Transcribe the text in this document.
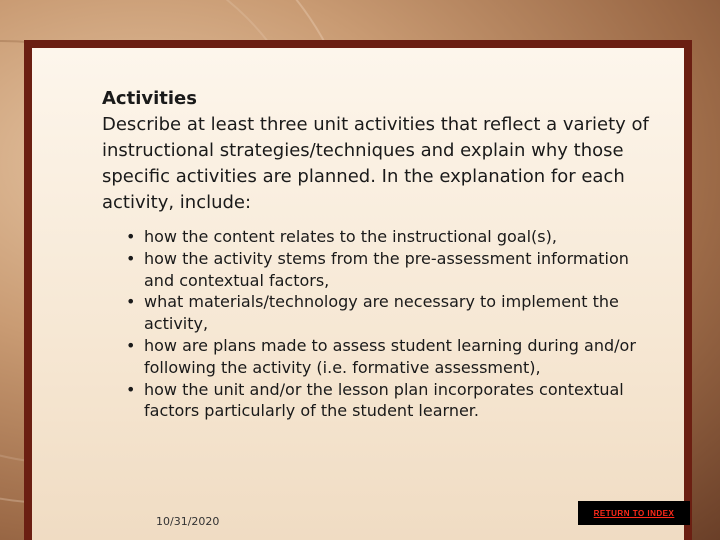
Activities

Describe at least three unit activities that reflect a variety of instructional strategies/techniques and explain why those specific activities are planned. In the explanation for each activity, include:

• how the content relates to the instructional goal(s),
• how the activity stems from the pre-assessment information and contextual factors,
• what materials/technology are necessary to implement the activity,
• how are plans made to assess student learning during and/or following the activity (i.e. formative assessment),
• how the unit and/or the lesson plan incorporates contextual factors particularly of the student learner.
10/31/2020
RETURN TO INDEX
